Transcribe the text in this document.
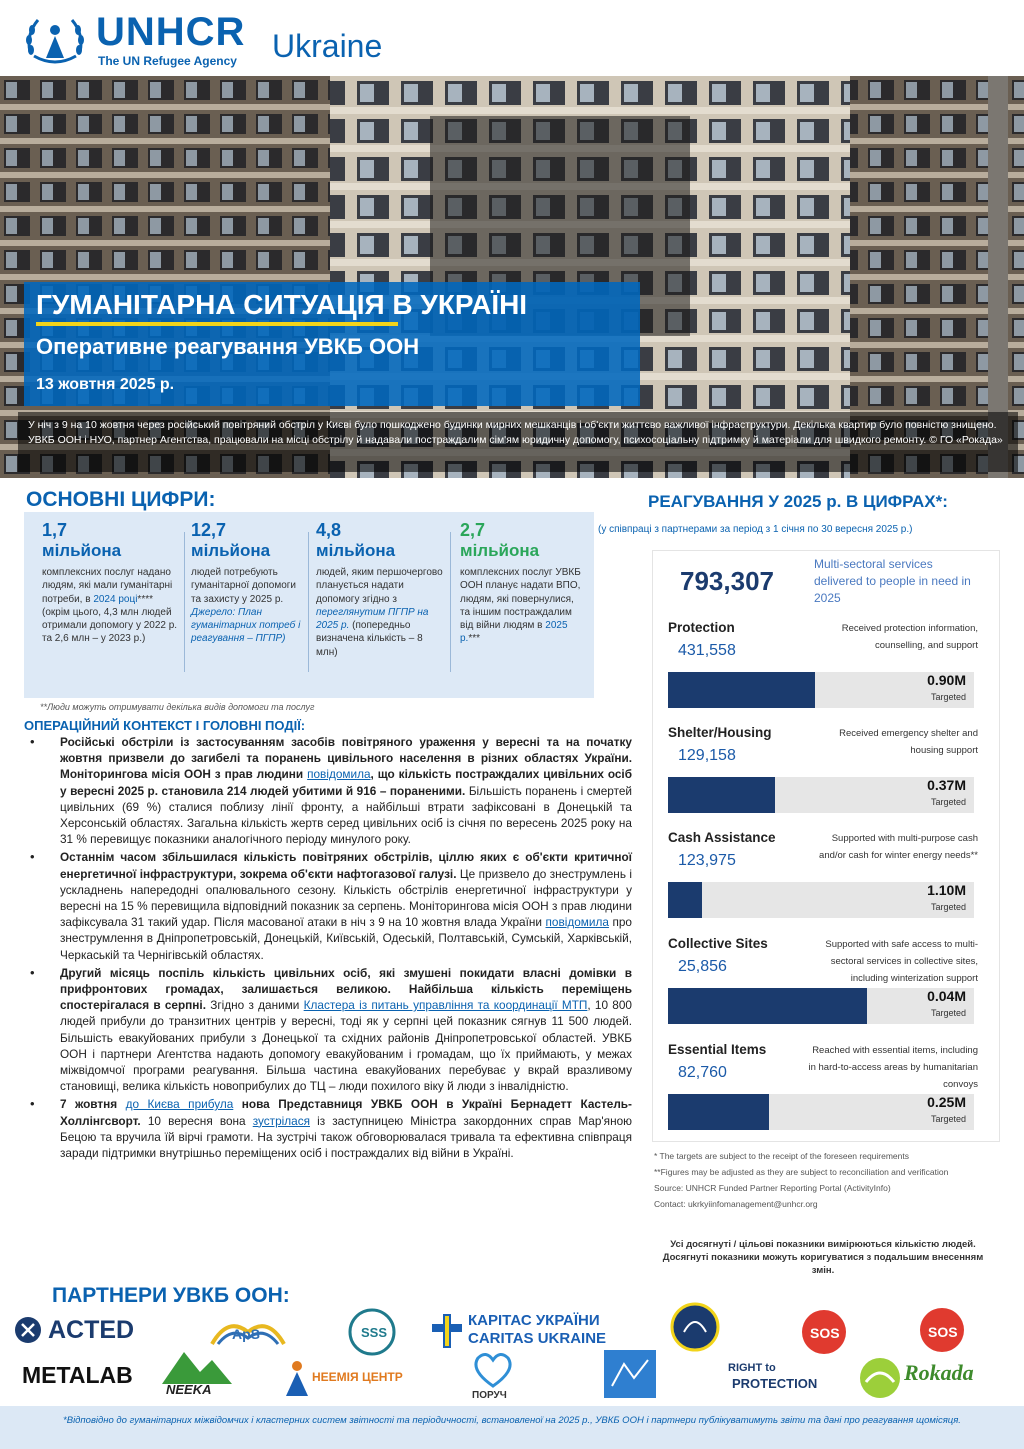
UNHCR
The UN Refugee Agency Ukraine
ГУМАНІТАРНА СИТУАЦІЯ В УКРАЇНІ
Оперативне реагування УВКБ ООН
13 жовтня 2025 р.
У ніч з 9 на 10 жовтня через російський повітряний обстріл у Києві було пошкоджено будинки мирних мешканців і об'єкти життєво важливої інфраструктури. Декілька квартир було повністю знищено. УВКБ ООН і НУО, партнер Агентства, працювали на місці обстрілу й надавали постраждалим сім'ям юридичну допомогу, психосоціальну підтримку й матеріали для швидкого ремонту. © ГО «Рокада»
ОСНОВНІ ЦИФРИ:
1,7
мільйона
комплексних послуг надано людям, які мали гуманітарні потреби, в 2024 році**** (окрім цього, 4,3 млн людей отримали допомогу у 2022 р. та 2,6 млн – у 2023 р.)
12,7
мільйона
людей потребують гуманітарної допомоги та захисту у 2025 р. Джерело: План гуманітарних потреб і реагування – ПГПР)
4,8
мільйона
людей, яким першочергово планується надати допомогу згідно з переглянутим ПГПР на 2025 р. (попередньо визначена кількість – 8 млн)
2,7
мільйона
комплексних послуг УВКБ ООН планує надати ВПО, людям, які повернулися, та іншим постраждалим від війни людям в 2025 р.***
**Люди можуть отримувати декілька видів допомоги та послуг
ОПЕРАЦІЙНИЙ КОНТЕКСТ І ГОЛОВНІ ПОДІЇ:
• Російські обстріли із застосуванням засобів повітряного ураження у вересні та на початку жовтня призвели до загибелі та поранень цивільного населення в різних областях України. Моніторингова місія ООН з прав людини повідомила, що кількість постраждалих цивільних осіб у вересні 2025 р. становила 214 людей убитими й 916 – пораненими. Більшість поранень і смертей цивільних (69 %) сталися поблизу лінії фронту, а найбільші втрати зафіксовані в Донецькій та Херсонській областях. Загальна кількість жертв серед цивільних осіб із січня по вересень 2025 року на 31 % перевищує показники аналогічного періоду минулого року.
• Останнім часом збільшилася кількість повітряних обстрілів, ціллю яких є об'єкти критичної енергетичної інфраструктури, зокрема об'єкти нафтогазової галузі. Це призвело до знеструмлень і ускладнень напередодні опалювального сезону. Кількість обстрілів енергетичної інфраструктури у вересні на 15 % перевищила відповідний показник за серпень. Моніторингова місія ООН з прав людини зафіксувала 31 такий удар. Після масованої атаки в ніч з 9 на 10 жовтня влада України повідомила про знеструмлення в Дніпропетровській, Донецькій, Київській, Одеській, Полтавській, Сумській, Харківській, Черкаській та Чернігівській областях.
• Другий місяць поспіль кількість цивільних осіб, які змушені покидати власні домівки в прифронтових громадах, залишається великою. Найбільша кількість переміщень спостерігалася в серпні. Згідно з даними Кластера із питань управління та координації МТП, 10 800 людей прибули до транзитних центрів у вересні, тоді як у серпні цей показник сягнув 11 500 людей. Більшість евакуйованих прибули з Донецької та східних районів Дніпропетровської областей. УВКБ ООН і партнери Агентства надають допомогу евакуйованим і громадам, що їх приймають, у межах міжвідомчої програми реагування. Більша частина евакуйованих перебуває у вкрай вразливому становищі, велика кількість новоприбулих до ТЦ – люди похилого віку й люди з інвалідністю.
• 7 жовтня до Києва прибула нова Представниця УВКБ ООН в Україні Бернадетт Кастель-Холлінгсворт. 10 вересня вона зустрілася із заступницею Міністра закордонних справ Мар'яною Бецою та вручила їй вірчі грамоти. На зустрічі також обговорювалася тривала та ефективна співпраця заради підтримки внутрішньо переміщених осіб і постраждалих від війни в Україні.
РЕАГУВАННЯ У 2025 р. В ЦИФРАХ*:
(у співпраці з партнерами за період з 1 січня по 30 вересня 2025 р.)
793,307
Multi-sectoral services delivered to people in need in 2025
Protection
431,558
Received protection information, counselling, and support
0.90M
Targeted
Shelter/Housing
129,158
Received emergency shelter and housing support
0.37M
Targeted
Cash Assistance
123,975
Supported with multi-purpose cash and/or cash for winter energy needs**
1.10M
Targeted
Collective Sites
25,856
Supported with safe access to multi-sectoral services in collective sites, including winterization support
0.04M
Targeted
Essential Items
82,760
Reached with essential items, including in hard-to-access areas by humanitarian convoys
0.25M
Targeted
* The targets are subject to the receipt of the foreseen requirements
**Figures may be adjusted as they are subject to reconciliation and verification
Source: UNHCR Funded Partner Reporting Portal (ActivityInfo)
Contact: ukrkyiinfomanagement@unhcr.org
Усі досягнуті / цільові показники вимірюються кількістю людей. Досягнуті показники можуть коригуватися з подальшим внесенням змін.
ПАРТНЕРИ УВКБ ООН:
ACTED	ApS	SSS
КАРІТАС УКРАЇНИ
CARITAS UKRAINE	SOS	SOS
METALAB
NEEKA
НЕЕМІЯ ЦЕНТР
ПОРУЧ
RIGHT to
PROTECTION	Rokada

*Відповідно до гуманітарних міжвідомчих і кластерних систем звітності та періодичності, встановленої на 2025 р., УВКБ ООН і партнери публікуватимуть звіти та дані про реагування щомісяця.
